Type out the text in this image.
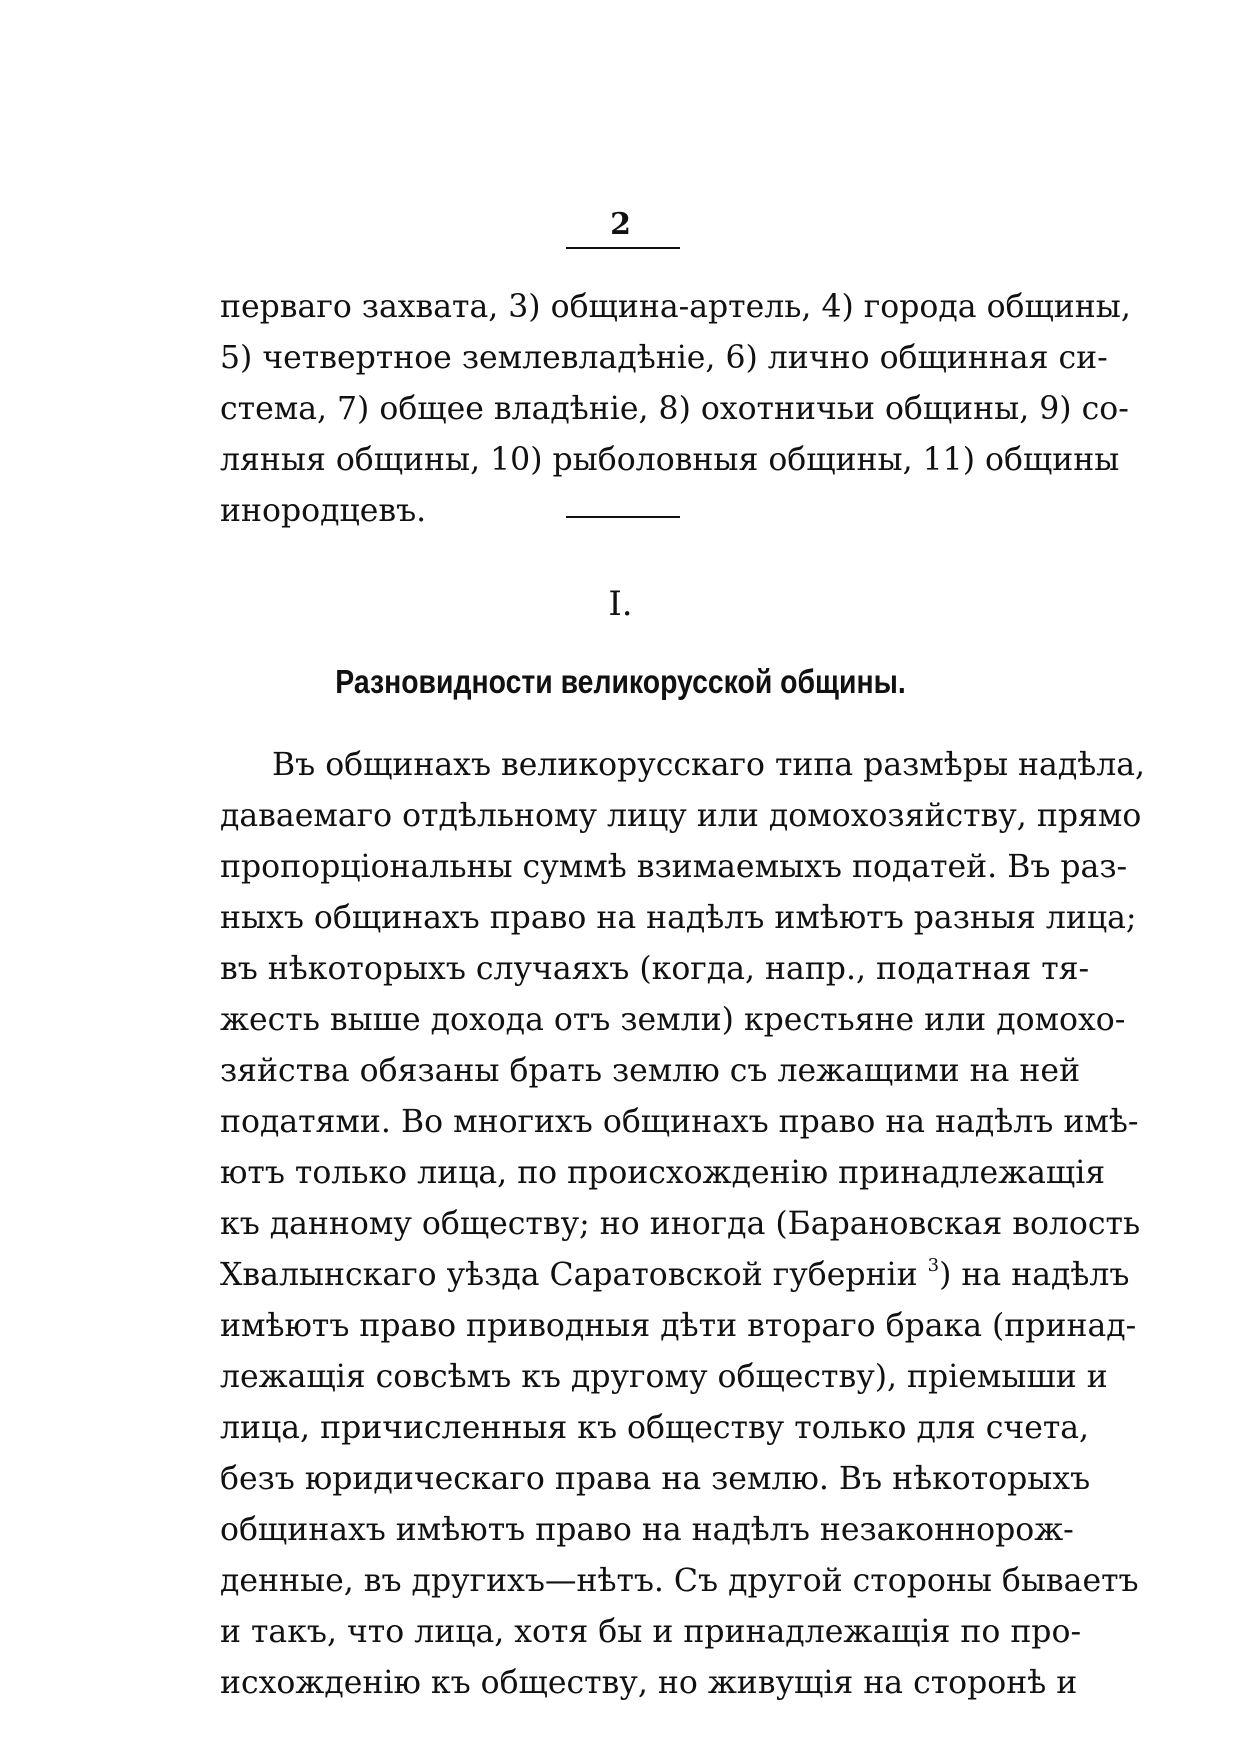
2
перваго захвата, 3) община-артель, 4) города общины,
5) четвертное землевладѣніе, 6) лично общинная си-
стема, 7) общее владѣніе, 8) охотничьи общины, 9) со-
ляныя общины, 10) рыболовныя общины, 11) общины
инородцевъ.
I.
Разновидности великорусской общины.
Въ общинахъ великорусскаго типа размѣры надѣла,
даваемаго отдѣльному лицу или домохозяйству, прямо
пропорціональны суммѣ взимаемыхъ податей. Въ раз-
ныхъ общинахъ право на надѣлъ имѣютъ разныя лица;
въ нѣкоторыхъ случаяхъ (когда, напр., податная тя-
жесть выше дохода отъ земли) крестьяне или домохо-
зяйства обязаны брать землю съ лежащими на ней
податями. Во многихъ общинахъ право на надѣлъ имѣ-
ютъ только лица, по происхожденію принадлежащія
къ данному обществу; но иногда (Барановская волость
Хвалынскаго уѣзда Саратовской губерніи $^3$) на надѣлъ
имѣютъ право приводныя дѣти втораго брака (принад-
лежащія совсѣмъ къ другому обществу), пріемыши и
лица, причисленныя къ обществу только для счета,
безъ юридическаго права на землю. Въ нѣкоторыхъ
общинахъ имѣютъ право на надѣлъ незаконнорож-
денные, въ другихъ—нѣтъ. Съ другой стороны бываетъ
и такъ, что лица, хотя бы и принадлежащія по про-
исхожденію къ обществу, но живущія на сторонѣ и
